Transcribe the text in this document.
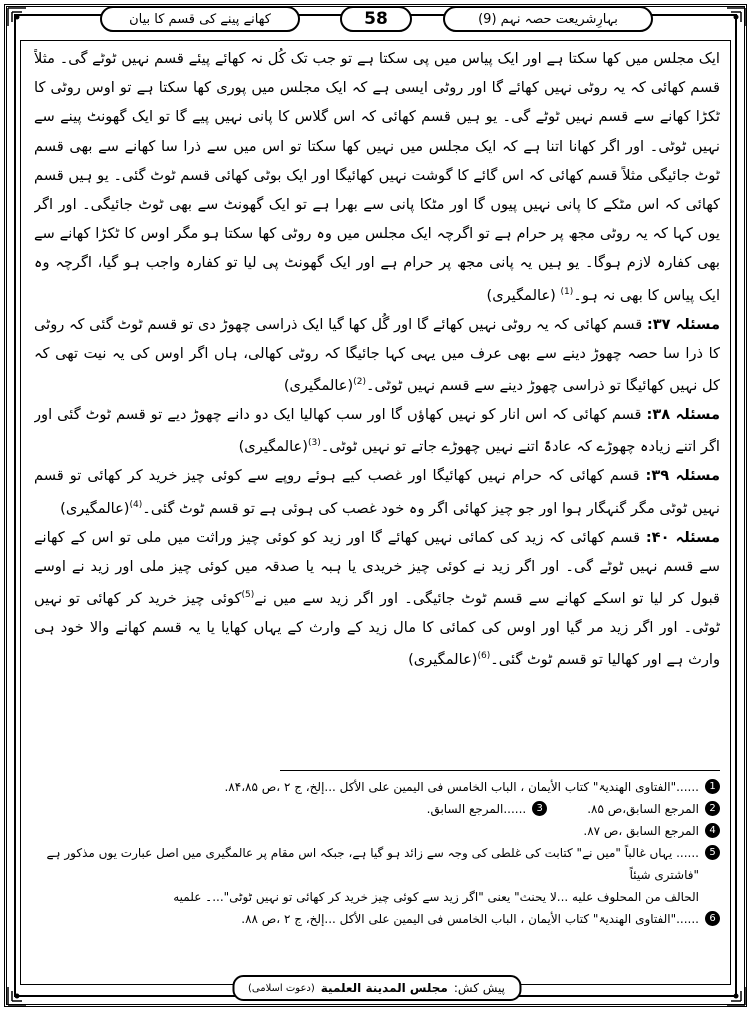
بہارِشریعت حصہ نہم (9)
58
کھانے پینے کی قسم کا بیان

ایک مجلس میں کھا سکتا ہے اور ایک پیاس میں پی سکتا ہے تو جب تک کُل نہ کھائے پیئے قسم نہیں ٹوٹے گی۔ مثلاً قسم کھائی کہ یہ روٹی نہیں کھائے گا اور روٹی ایسی ہے کہ ایک مجلس میں پوری کھا سکتا ہے تو اوس روٹی کا ٹکڑا کھانے سے قسم نہیں ٹوٹے گی۔ یو ہیں قسم کھائی کہ اس گلاس کا پانی نہیں پیے گا تو ایک گھونٹ پینے سے نہیں ٹوٹی۔ اور اگر کھانا اتنا ہے کہ ایک مجلس میں نہیں کھا سکتا تو اس میں سے ذرا سا کھانے سے بھی قسم ٹوٹ جائیگی مثلاً قسم کھائی کہ اس گائے کا گوشت نہیں کھائیگا اور ایک بوٹی کھائی قسم ٹوٹ گئی۔ یو ہیں قسم کھائی کہ اس مٹکے کا پانی نہیں پیوں گا اور مٹکا پانی سے بھرا ہے تو ایک گھونٹ سے بھی ٹوٹ جائیگی۔ اور اگر یوں کہا کہ یہ روٹی مجھ پر حرام ہے تو اگرچہ ایک مجلس میں وہ روٹی کھا سکتا ہو مگر اوس کا ٹکڑا کھانے سے بھی کفارہ لازم ہوگا۔ یو ہیں یہ پانی مجھ پر حرام ہے اور ایک گھونٹ پی لیا تو کفارہ واجب ہو گیا، اگرچہ وہ ایک پیاس کا بھی نہ ہو۔$^{(1)}$ (عالمگیری)

مسئلہ ۳۷: قسم کھائی کہ یہ روٹی نہیں کھائے گا اور گُل کھا گیا ایک ذراسی چھوڑ دی تو قسم ٹوٹ گئی کہ روٹی کا ذرا سا حصہ چھوڑ دینے سے بھی عرف میں یہی کہا جائیگا کہ روٹی کھالی، ہاں اگر اوس کی یہ نیت تھی کہ کل نہیں کھائیگا تو ذراسی چھوڑ دینے سے قسم نہیں ٹوٹی۔$^{(2)}$(عالمگیری)

مسئلہ ۳۸: قسم کھائی کہ اس انار کو نہیں کھاؤں گا اور سب کھالیا ایک دو دانے چھوڑ دیے تو قسم ٹوٹ گئی اور اگر اتنے زیادہ چھوڑے کہ عادۃً اتنے نہیں چھوڑے جاتے تو نہیں ٹوٹی۔$^{(3)}$(عالمگیری)

مسئلہ ۳۹: قسم کھائی کہ حرام نہیں کھائیگا اور غصب کیے ہوئے روپے سے کوئی چیز خرید کر کھائی تو قسم نہیں ٹوٹی مگر گنہگار ہوا اور جو چیز کھائی اگر وہ خود غصب کی ہوئی ہے تو قسم ٹوٹ گئی۔$^{(4)}$(عالمگیری)

مسئلہ ۴۰: قسم کھائی کہ زید کی کمائی نہیں کھائے گا اور زید کو کوئی چیز وراثت میں ملی تو اس کے کھانے سے قسم نہیں ٹوٹے گی۔ اور اگر زید نے کوئی چیز خریدی یا ہبہ یا صدقہ میں کوئی چیز ملی اور زید نے اوسے قبول کر لیا تو اسکے کھانے سے قسم ٹوٹ جائیگی۔ اور اگر زید سے میں نے$^{(5)}$کوئی چیز خرید کر کھائی تو نہیں ٹوٹی۔ اور اگر زید مر گیا اور اوس کی کمائی کا مال زید کے وارث کے یہاں کھایا یا یہ قسم کھانے والا خود ہی وارث ہے اور کھالیا تو قسم ٹوٹ گئی۔$^{(6)}$(عالمگیری)

1
......"الفتاوی الھندیۃ" کتاب الأیمان ، الباب الخامس فی الیمین علی الأکل ...إلخ، ج ۲ ،ص ۸۴،۸۵.
2
المرجع السابق،ص ۸۵.
3
......المرجع السابق.
4
المرجع السابق ،ص ۸۷.
5
...... یہاں غالباً "میں نے" کتابت کی غلطی کی وجہ سے زائد ہو گیا ہے، جبکہ اس مقام پر عالمگیری میں اصل عبارت یوں مذکور ہے "فاشتری شیئاً
الحالف من المحلوف علیه ...لا یحنث" یعنی "اگر زید سے کوئی چیز خرید کر کھائی تو نہیں ٹوٹی"...۔ علمیه
6
......"الفتاوی الھندیۃ" کتاب الأیمان ، الباب الخامس فی الیمین علی الأکل ...إلخ، ج ۲ ،ص ۸۸.
پیش کش:
مجلس المدینة العلمیة
(دعوت اسلامی)
